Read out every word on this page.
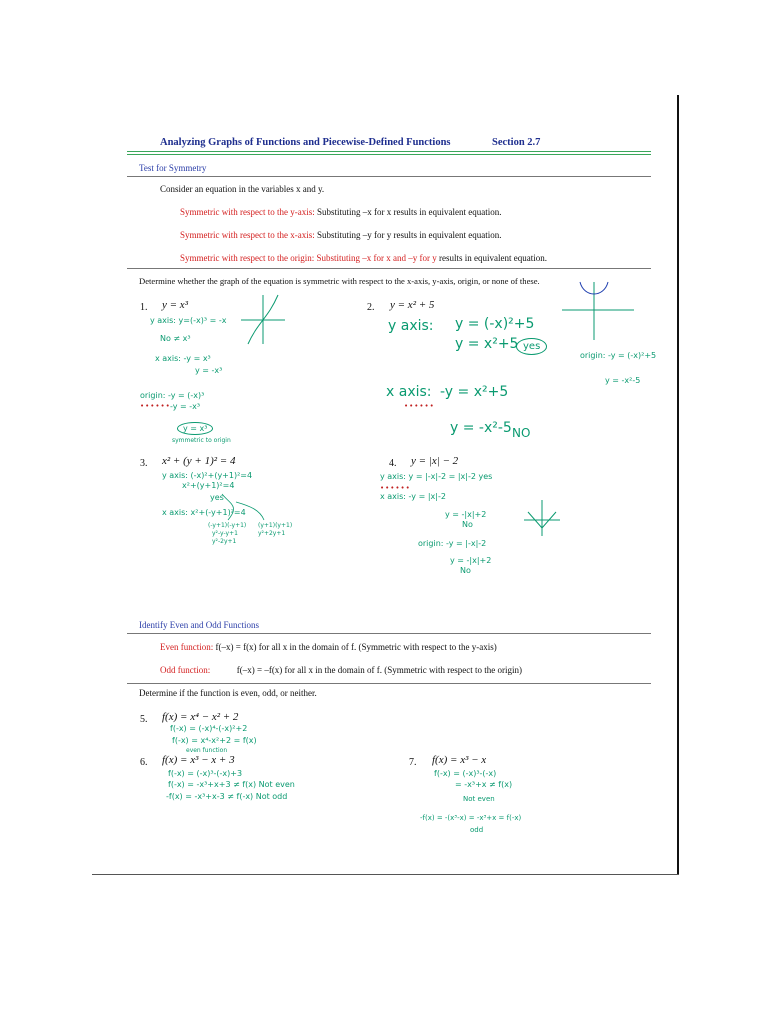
Analyzing Graphs of Functions and Piecewise-Defined Functions	Section 2.7
Test for Symmetry
Consider an equation in the variables x and y.
Symmetric with respect to the y-axis: Substituting –x for x results in equivalent equation.
Symmetric with respect to the x-axis: Substituting –y for y results in equivalent equation.
Symmetric with respect to the origin: Substituting –x for x and –y for y results in equivalent equation.
Determine whether the graph of the equation is symmetric with respect to the x-axis, y-axis, origin, or none of these.
1. y = x³	2. y = x² + 5
3. x² + (y + 1)² = 4	4. y = |x| − 2
y axis: y=(-x)³ = -x
No ≠ x³
x axis: -y = x³
y = -x³
origin: -y = (-x)³
•••••• -y = -x³
y = x³
symmetric to origin
y axis: y = (-x)²+5
y = x²+5 yes
x axis:
••••••
-y = x²+5
y = -x²-5 NO
origin: -y = (-x)²+5
y = -x²-5
y axis: (-x)²+(y+1)²=4
x²+(y+1)²=4
yes
x axis: x²+(-y+1)²=4
(-y+1)(-y+1)
y²-y-y+1
y²-2y+1
(y+1)(y+1)
y²+2y+1
y axis: y = |-x|-2 = |x|-2 yes
••••••
x axis: -y = |x|-2
y = -|x|+2
No
origin: -y = |-x|-2
y = -|x|+2
No
Identify Even and Odd Functions
Even function: f(–x) = f(x) for all x in the domain of f. (Symmetric with respect to the y-axis)
Odd function:	f(–x) = –f(x) for all x in the domain of f. (Symmetric with respect to the origin)
Determine if the function is even, odd, or neither.
5. f(x) = x⁴ − x² + 2
6. f(x) = x³ − x + 3	7. f(x) = x³ − x
f(-x) = (-x)⁴-(-x)²+2
f(-x) = x⁴-x²+2 = f(x)
even function
f(-x) = (-x)³-(-x)+3
f(-x) = -x³+x+3 ≠ f(x) Not even
-f(x) = -x³+x-3 ≠ f(-x) Not odd
f(-x) = (-x)³-(-x)
= -x³+x ≠ f(x)
Not even
-f(x) = -(x³-x) = -x³+x = f(-x)
odd
